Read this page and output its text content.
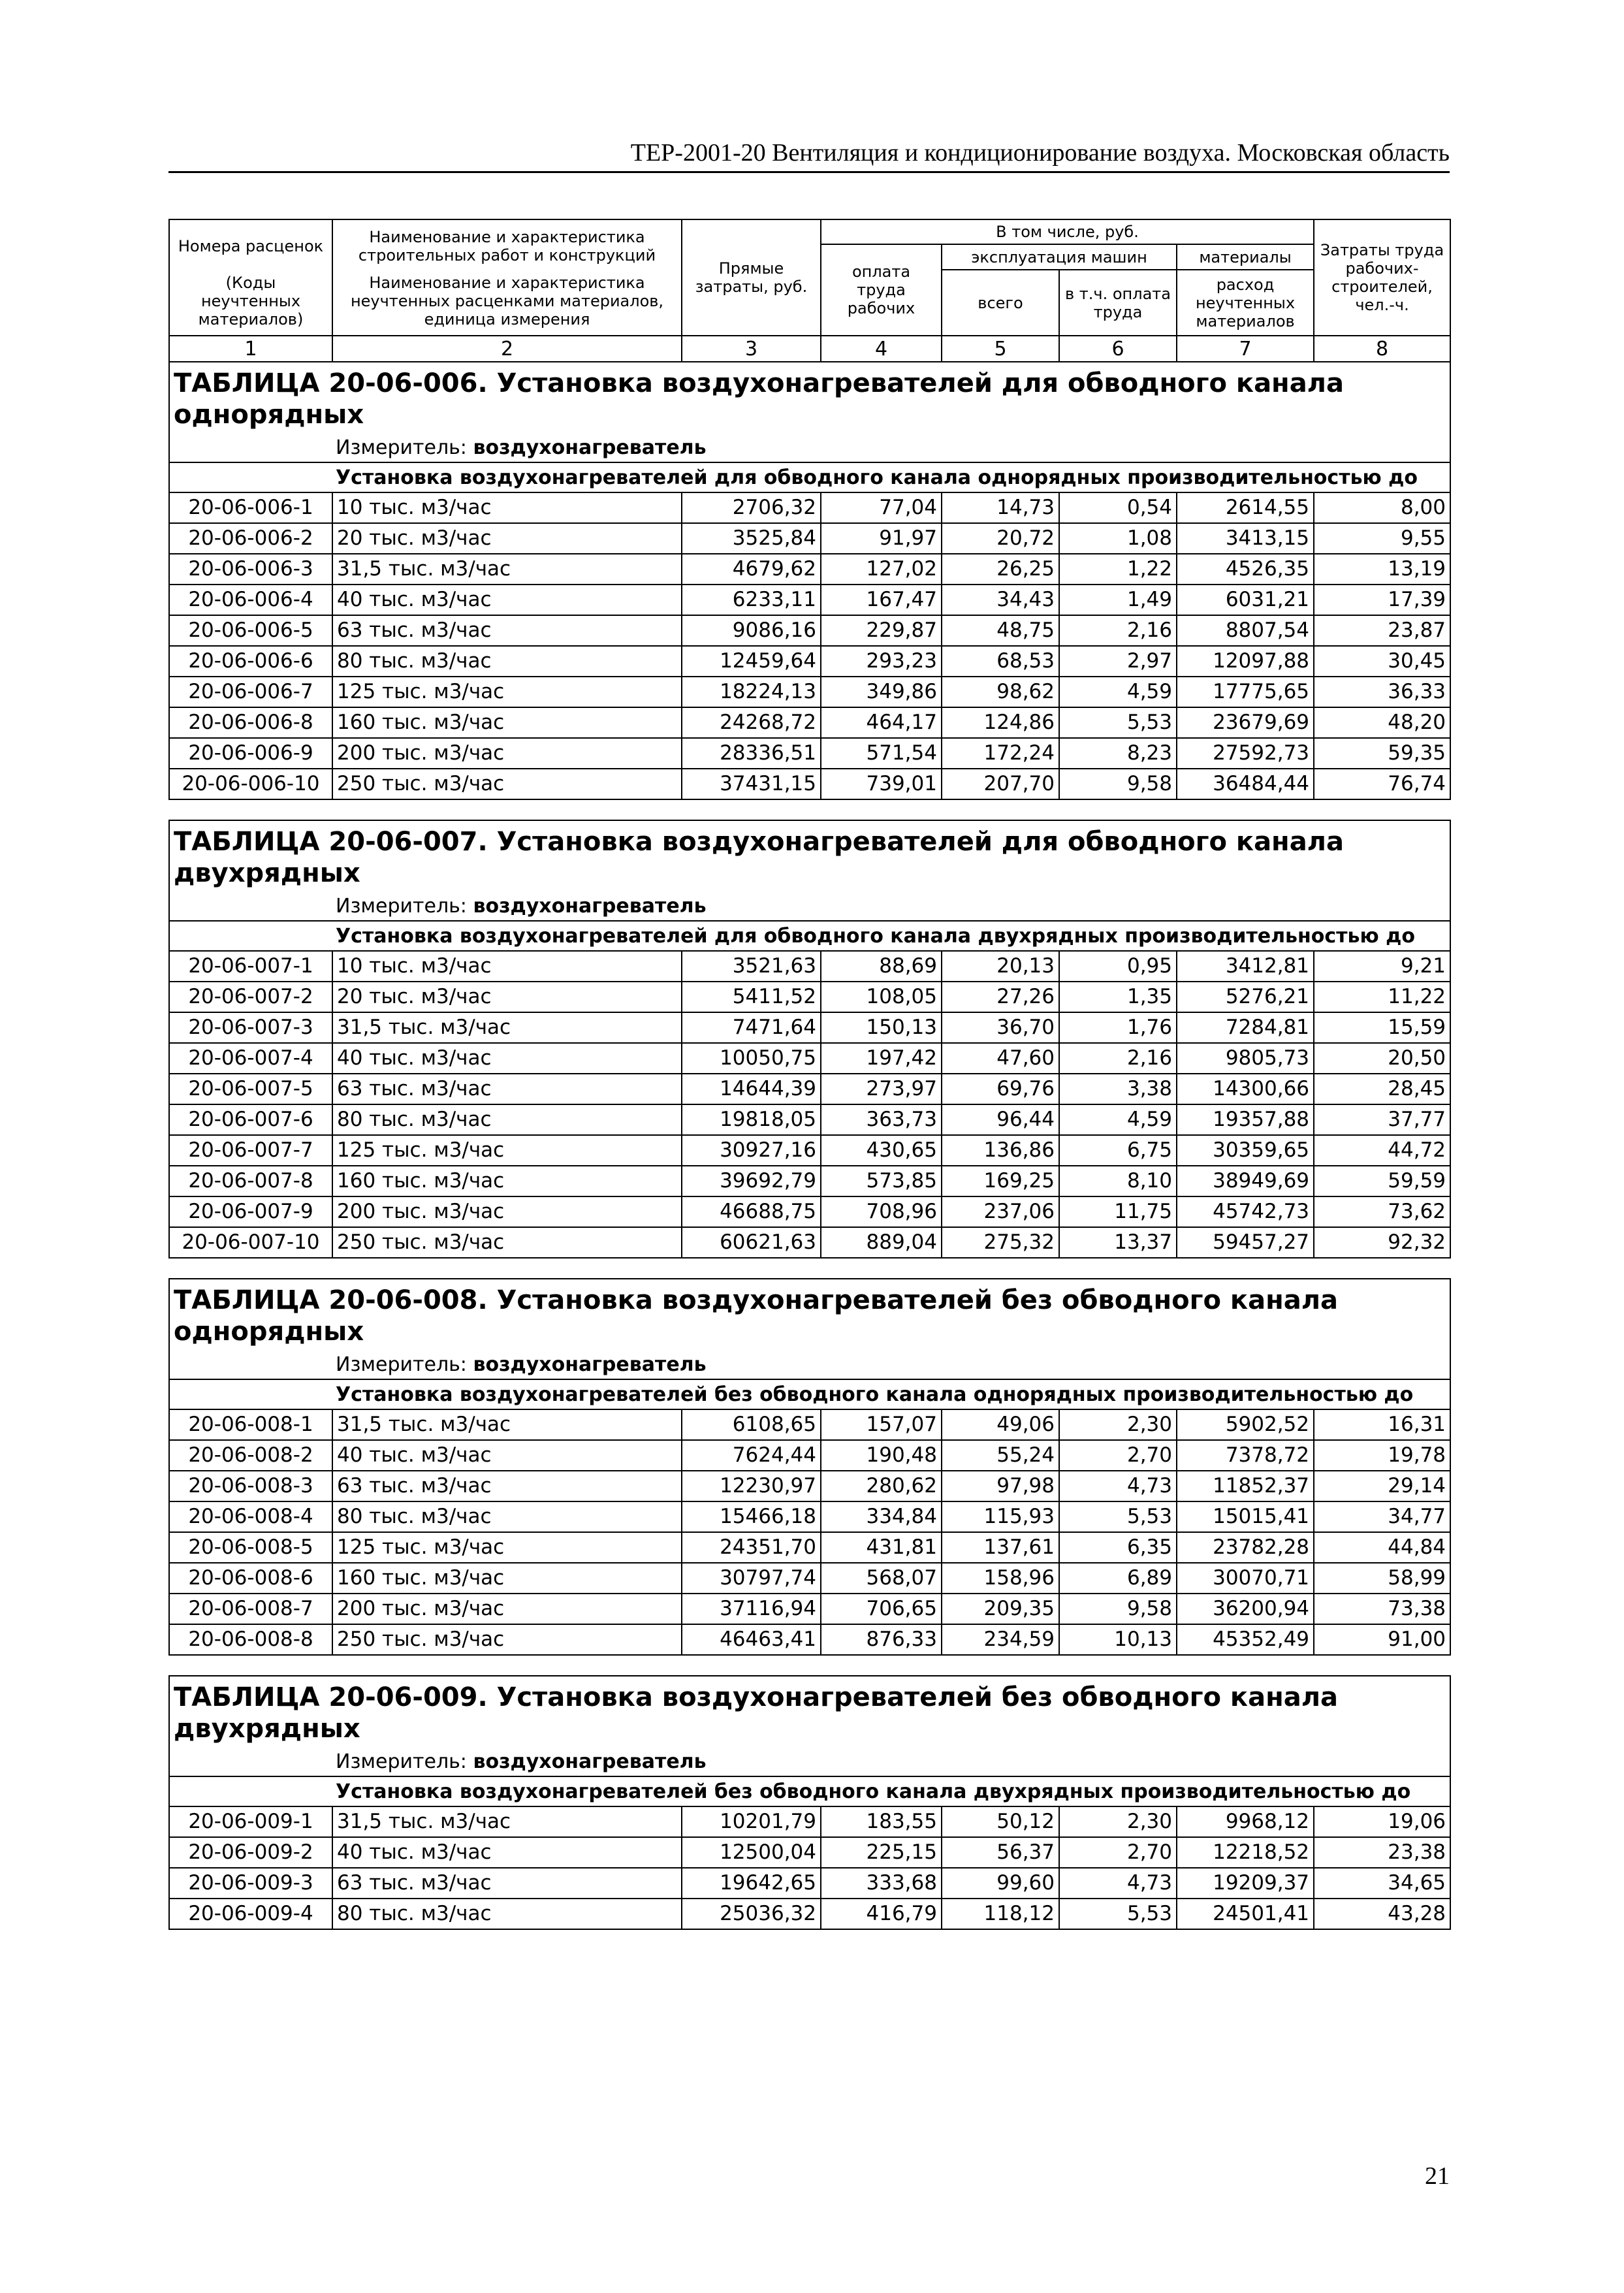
ТЕР-2001-20 Вентиляция и кондиционирование воздуха. Московская область
Номера расценок	Наименование и характеристика строительных работ и конструкций	Прямые затраты, руб.	В том числе, руб.				Затраты труда рабочих-строителей, чел.-ч.
			оплата труда рабочих	эксплуатация машин		материалы	
(Коды неучтенных материалов)	Наименование и характеристика неучтенных расценками материалов, единица измерения			всего	в т.ч. оплата труда	расход неучтенных материалов	

1	2	3	4	5	6	7	8
ТАБЛИЦА 20-06-006. Установка воздухонагревателей для обводного канала однорядных							
Измеритель: воздухонагреватель							
Установка воздухонагревателей для обводного канала однорядных производительностью до							
20-06-006-1	10 тыс. м3/час	2706,32	77,04	14,73	0,54	2614,55	8,00
20-06-006-2	20 тыс. м3/час	3525,84	91,97	20,72	1,08	3413,15	9,55
20-06-006-3	31,5 тыс. м3/час	4679,62	127,02	26,25	1,22	4526,35	13,19
20-06-006-4	40 тыс. м3/час	6233,11	167,47	34,43	1,49	6031,21	17,39
20-06-006-5	63 тыс. м3/час	9086,16	229,87	48,75	2,16	8807,54	23,87
20-06-006-6	80 тыс. м3/час	12459,64	293,23	68,53	2,97	12097,88	30,45
20-06-006-7	125 тыс. м3/час	18224,13	349,86	98,62	4,59	17775,65	36,33
20-06-006-8	160 тыс. м3/час	24268,72	464,17	124,86	5,53	23679,69	48,20
20-06-006-9	200 тыс. м3/час	28336,51	571,54	172,24	8,23	27592,73	59,35
20-06-006-10	250 тыс. м3/час	37431,15	739,01	207,70	9,58	36484,44	76,74

ТАБЛИЦА 20-06-007. Установка воздухонагревателей для обводного канала двухрядных							
Измеритель: воздухонагреватель							
Установка воздухонагревателей для обводного канала двухрядных производительностью до							
20-06-007-1	10 тыс. м3/час	3521,63	88,69	20,13	0,95	3412,81	9,21
20-06-007-2	20 тыс. м3/час	5411,52	108,05	27,26	1,35	5276,21	11,22
20-06-007-3	31,5 тыс. м3/час	7471,64	150,13	36,70	1,76	7284,81	15,59
20-06-007-4	40 тыс. м3/час	10050,75	197,42	47,60	2,16	9805,73	20,50
20-06-007-5	63 тыс. м3/час	14644,39	273,97	69,76	3,38	14300,66	28,45
20-06-007-6	80 тыс. м3/час	19818,05	363,73	96,44	4,59	19357,88	37,77
20-06-007-7	125 тыс. м3/час	30927,16	430,65	136,86	6,75	30359,65	44,72
20-06-007-8	160 тыс. м3/час	39692,79	573,85	169,25	8,10	38949,69	59,59
20-06-007-9	200 тыс. м3/час	46688,75	708,96	237,06	11,75	45742,73	73,62
20-06-007-10	250 тыс. м3/час	60621,63	889,04	275,32	13,37	59457,27	92,32

ТАБЛИЦА 20-06-008. Установка воздухонагревателей без обводного канала однорядных							
Измеритель: воздухонагреватель							
Установка воздухонагревателей без обводного канала однорядных производительностью до							
20-06-008-1	31,5 тыс. м3/час	6108,65	157,07	49,06	2,30	5902,52	16,31
20-06-008-2	40 тыс. м3/час	7624,44	190,48	55,24	2,70	7378,72	19,78
20-06-008-3	63 тыс. м3/час	12230,97	280,62	97,98	4,73	11852,37	29,14
20-06-008-4	80 тыс. м3/час	15466,18	334,84	115,93	5,53	15015,41	34,77
20-06-008-5	125 тыс. м3/час	24351,70	431,81	137,61	6,35	23782,28	44,84
20-06-008-6	160 тыс. м3/час	30797,74	568,07	158,96	6,89	30070,71	58,99
20-06-008-7	200 тыс. м3/час	37116,94	706,65	209,35	9,58	36200,94	73,38
20-06-008-8	250 тыс. м3/час	46463,41	876,33	234,59	10,13	45352,49	91,00

ТАБЛИЦА 20-06-009. Установка воздухонагревателей без обводного канала двухрядных							
Измеритель: воздухонагреватель							
Установка воздухонагревателей без обводного канала двухрядных производительностью до							
20-06-009-1	31,5 тыс. м3/час	10201,79	183,55	50,12	2,30	9968,12	19,06
20-06-009-2	40 тыс. м3/час	12500,04	225,15	56,37	2,70	12218,52	23,38
20-06-009-3	63 тыс. м3/час	19642,65	333,68	99,60	4,73	19209,37	34,65
20-06-009-4	80 тыс. м3/час	25036,32	416,79	118,12	5,53	24501,41	43,28
21
